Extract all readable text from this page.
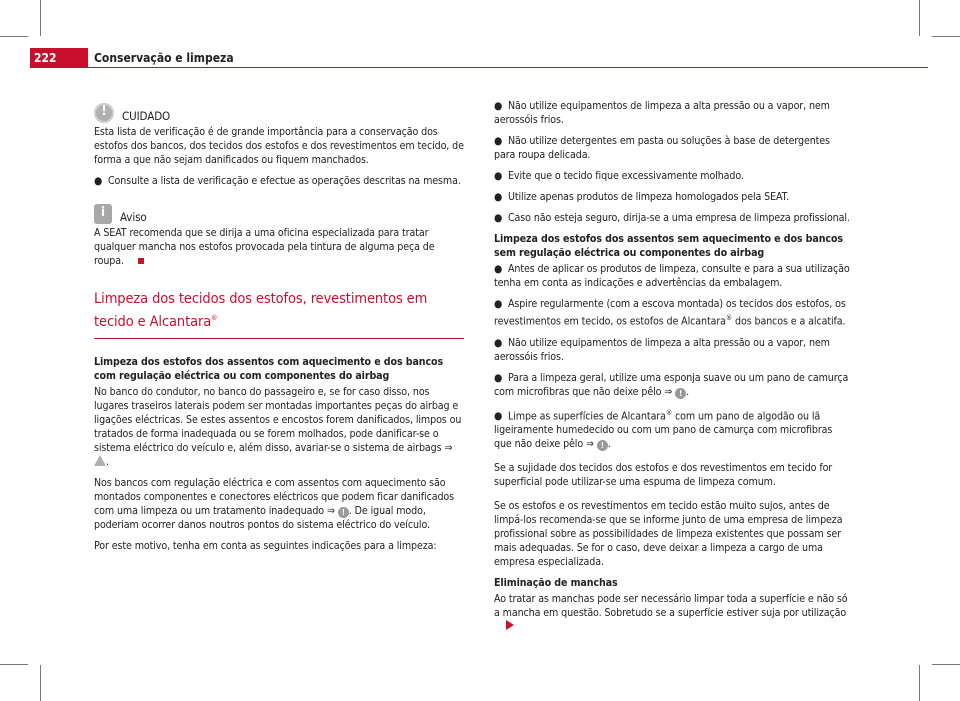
222	Conservação e limpeza
!
CUIDADO

Esta lista de verificação é de grande importância para a conservação dos estofos dos bancos, dos tecidos dos estofos e dos revestimentos em tecido, de forma a que não sejam danificados ou fiquem manchados.

● Consulte a lista de verificação e efectue as operações descritas na mesma.

i
Aviso

A SEAT recomenda que se dirija a uma oficina especializada para tratar qualquer mancha nos estofos provocada pela tintura de alguma peça de roupa.

Limpeza dos tecidos dos estofos, revestimentos em tecido e Alcantara®

Limpeza dos estofos dos assentos com aquecimento e dos bancos com regulação eléctrica ou com componentes do airbag

No banco do condutor, no banco do passageiro e, se for caso disso, nos lugares traseiros laterais podem ser montadas importantes peças do airbag e ligações eléctricas. Se estes assentos e encostos forem danificados, limpos ou tratados de forma inadequada ou se forem molhados, pode danificar-se o sistema eléctrico do veículo e, além disso, avariar-se o sistema de airbags ⇒ .

Nos bancos com regulação eléctrica e com assentos com aquecimento são montados componentes e conectores eléctricos que podem ficar danificados com uma limpeza ou um tratamento inadequado ⇒ ! . De igual modo, poderiam ocorrer danos noutros pontos do sistema eléctrico do veículo.

Por este motivo, tenha em conta as seguintes indicações para a limpeza:

● Não utilize equipamentos de limpeza a alta pressão ou a vapor, nem aerossóis frios.

● Não utilize detergentes em pasta ou soluções à base de detergentes para roupa delicada.

● Evite que o tecido fique excessivamente molhado.

● Utilize apenas produtos de limpeza homologados pela SEAT.

● Caso não esteja seguro, dirija-se a uma empresa de limpeza profissional.

Limpeza dos estofos dos assentos sem aquecimento e dos bancos sem regulação eléctrica ou componentes do airbag

● Antes de aplicar os produtos de limpeza, consulte e para a sua utilização tenha em conta as indicações e advertências da embalagem.

● Aspire regularmente (com a escova montada) os tecidos dos estofos, os revestimentos em tecido, os estofos de Alcantara® dos bancos e a alcatifa.

● Não utilize equipamentos de limpeza a alta pressão ou a vapor, nem aerossóis frios.

● Para a limpeza geral, utilize uma esponja suave ou um pano de camurça com microfibras que não deixe pêlo ⇒ ! .

● Limpe as superfícies de Alcantara® com um pano de algodão ou lã ligeiramente humedecido ou com um pano de camurça com microfibras que não deixe pêlo ⇒ ! .

Se a sujidade dos tecidos dos estofos e dos revestimentos em tecido for superficial pode utilizar-se uma espuma de limpeza comum.

Se os estofos e os revestimentos em tecido estão muito sujos, antes de limpá-los recomenda-se que se informe junto de uma empresa de limpeza profissional sobre as possibilidades de limpeza existentes que possam ser mais adequadas. Se for o caso, deve deixar a limpeza a cargo de uma empresa especializada.

Eliminação de manchas

Ao tratar as manchas pode ser necessário limpar toda a superfície e não só a mancha em questão. Sobretudo se a superfície estiver suja por utilização
